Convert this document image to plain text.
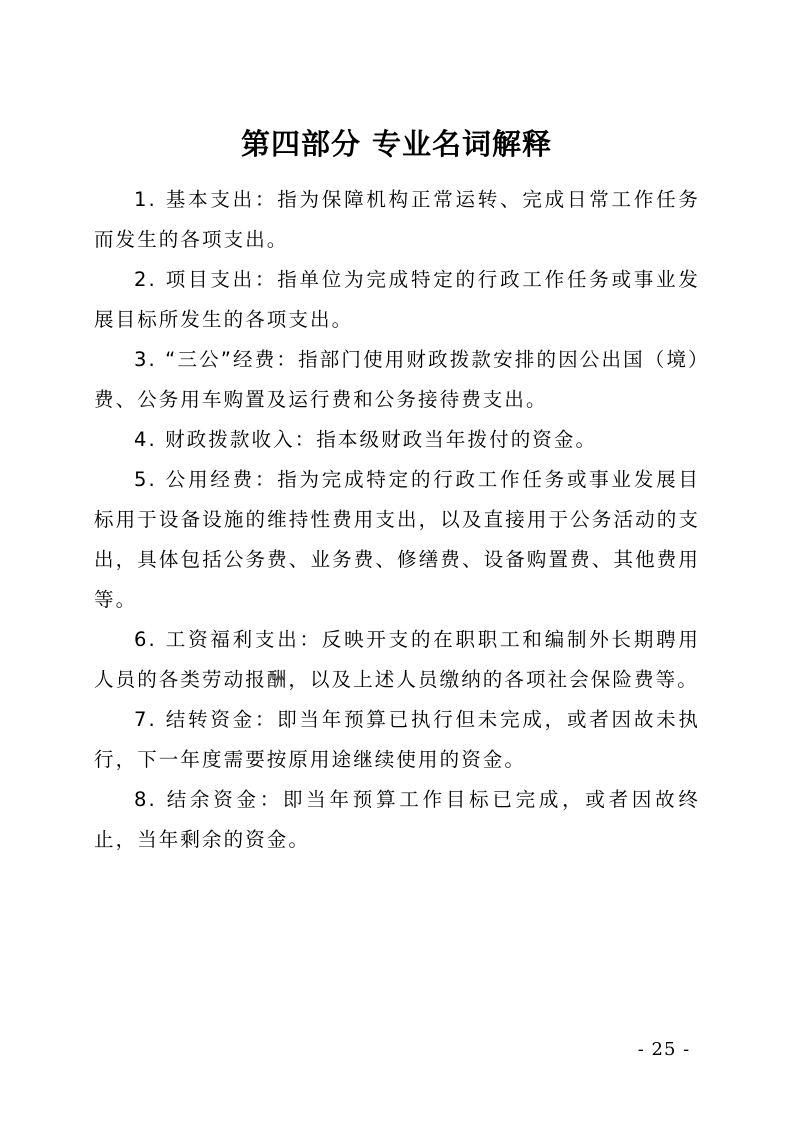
第四部分 专业名词解释

1. 基本支出：指为保障机构正常运转、完成日常工作任务而发生的各项支出。

2. 项目支出：指单位为完成特定的行政工作任务或事业发展目标所发生的各项支出。

3. “三公”经费：指部门使用财政拨款安排的因公出国（境）费、公务用车购置及运行费和公务接待费支出。

4. 财政拨款收入：指本级财政当年拨付的资金。

5. 公用经费：指为完成特定的行政工作任务或事业发展目标用于设备设施的维持性费用支出，以及直接用于公务活动的支出，具体包括公务费、业务费、修缮费、设备购置费、其他费用等。

6. 工资福利支出：反映开支的在职职工和编制外长期聘用人员的各类劳动报酬，以及上述人员缴纳的各项社会保险费等。

7. 结转资金：即当年预算已执行但未完成，或者因故未执行，下一年度需要按原用途继续使用的资金。

8. 结余资金：即当年预算工作目标已完成，或者因故终止，当年剩余的资金。

- 25 -
